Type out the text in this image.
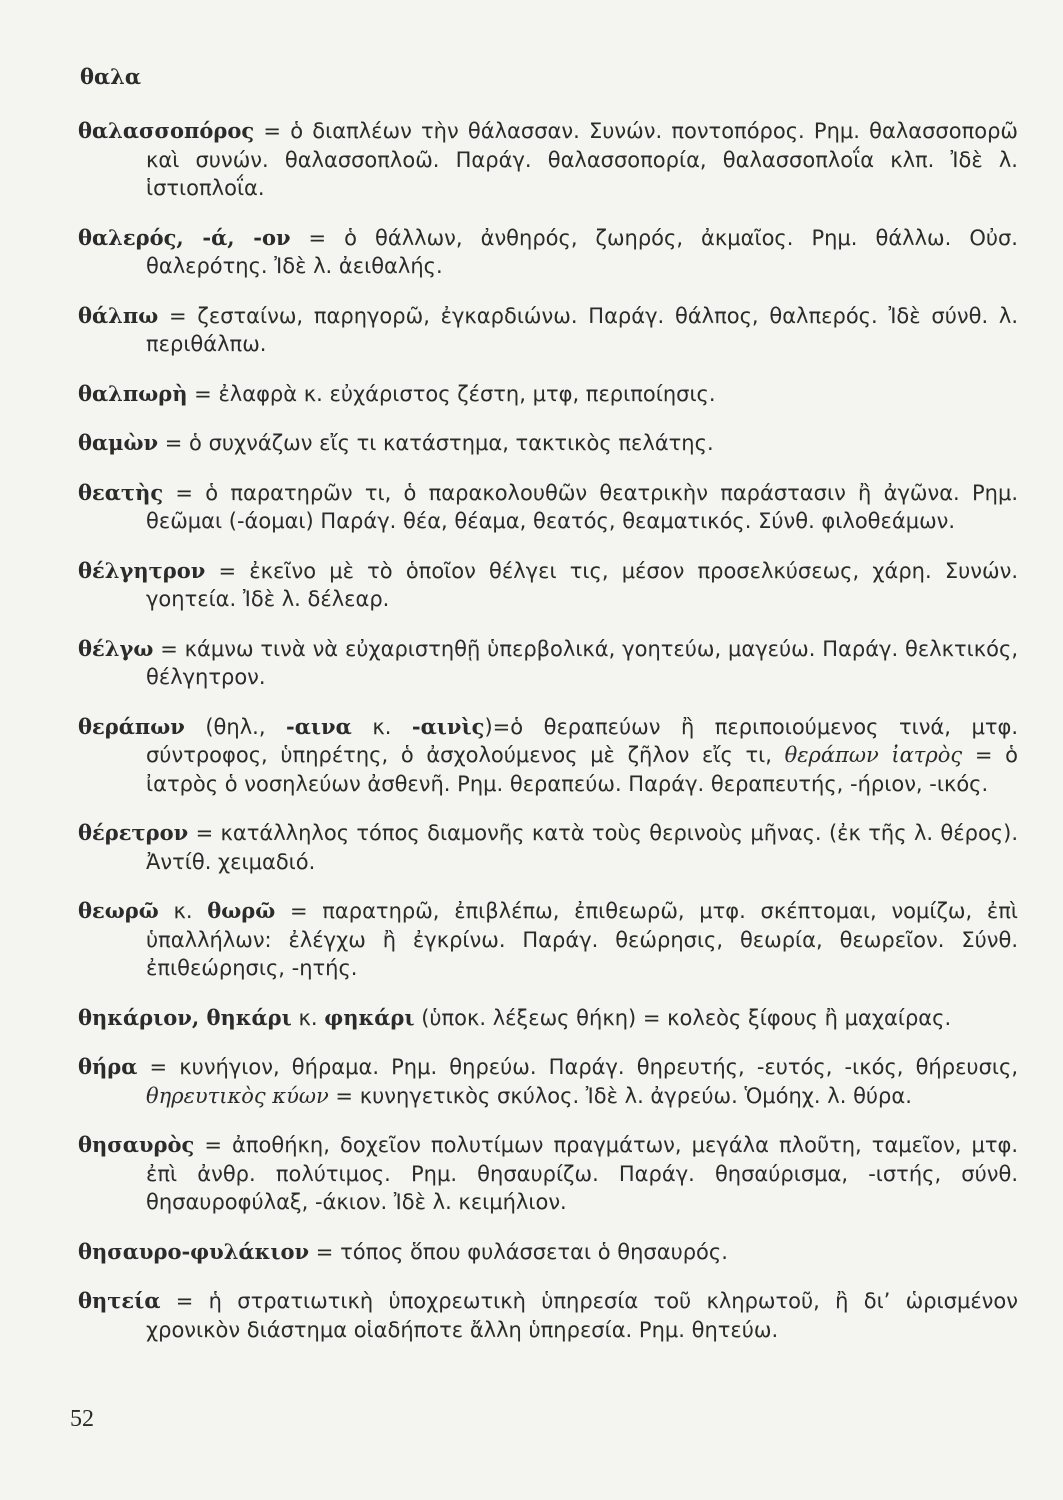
θαλα

θαλασσοπόρος = ὁ διαπλέων τὴν θάλασσαν. Συνών. ποντοπόρος. Ρημ. θαλασσοπορῶ καὶ συνών. θαλασσοπλοῶ. Παράγ. θαλασσοπορία, θαλασσοπλοΐα κλπ. Ἰδὲ λ. ἱστιοπλοΐα.

θαλερός, -ά, -ον = ὁ θάλλων, ἀνθηρός, ζωηρός, ἀκμαῖος. Ρημ. θάλλω. Οὐσ. θαλερότης. Ἰδὲ λ. ἀειθαλής.

θάλπω = ζεσταίνω, παρηγορῶ, ἐγκαρδιώνω. Παράγ. θάλπος, θαλπερός. Ἰδὲ σύνθ. λ. περιθάλπω.

θαλπωρὴ = ἐλαφρὰ κ. εὐχάριστος ζέστη, μτφ, περιποίησις.

θαμὼν = ὁ συχνάζων εἴς τι κατάστημα, τακτικὸς πελάτης.

θεατὴς = ὁ παρατηρῶν τι, ὁ παρακολουθῶν θεατρικὴν παράστασιν ἢ ἀγῶνα. Ρημ. θεῶμαι (-άομαι) Παράγ. θέα, θέαμα, θεατός, θεαματικός. Σύνθ. φιλοθεάμων.

θέλγητρον = ἐκεῖνο μὲ τὸ ὁποῖον θέλγει τις, μέσον προσελκύσεως, χάρη. Συνών. γοητεία. Ἰδὲ λ. δέλεαρ.

θέλγω = κάμνω τινὰ νὰ εὐχαριστηθῇ ὑπερβολικά, γοητεύω, μαγεύω. Παράγ. θελκτικός, θέλγητρον.

θεράπων (θηλ., -αινα κ. -αινὶς)=ὁ θεραπεύων ἢ περιποιούμενος τινά, μτφ. σύντροφος, ὑπηρέτης, ὁ ἀσχολούμενος μὲ ζῆλον εἴς τι, θεράπων ἰατρὸς = ὁ ἰατρὸς ὁ νοσηλεύων ἀσθενῆ. Ρημ. θεραπεύω. Παράγ. θεραπευτής, -ήριον, -ικός.

θέρετρον = κατάλληλος τόπος διαμονῆς κατὰ τοὺς θερινοὺς μῆνας. (ἐκ τῆς λ. θέρος). Ἀντίθ. χειμαδιό.

θεωρῶ κ. θωρῶ = παρατηρῶ, ἐπιβλέπω, ἐπιθεωρῶ, μτφ. σκέπτομαι, νομίζω, ἐπὶ ὑπαλλήλων: ἐλέγχω ἢ ἐγκρίνω. Παράγ. θεώρησις, θεωρία, θεωρεῖον. Σύνθ. ἐπιθεώρησις, -ητής.

θηκάριον, θηκάρι κ. φηκάρι (ὑποκ. λέξεως θήκη) = κολεὸς ξίφους ἢ μαχαίρας.

θήρα = κυνήγιον, θήραμα. Ρημ. θηρεύω. Παράγ. θηρευτής, -ευτός, -ικός, θήρευσις, θηρευτικὸς κύων = κυνηγετικὸς σκύλος. Ἰδὲ λ. ἀγρεύω. Ὁμόηχ. λ. θύρα.

θησαυρὸς = ἀποθήκη, δοχεῖον πολυτίμων πραγμάτων, μεγάλα πλοῦτη, ταμεῖον, μτφ. ἐπὶ ἀνθρ. πολύτιμος. Ρημ. θησαυρίζω. Παράγ. θησαύρισμα, -ιστής, σύνθ. θησαυροφύλαξ, -άκιον. Ἰδὲ λ. κειμήλιον.

θησαυρο-φυλάκιον = τόπος ὅπου φυλάσσεται ὁ θησαυρός.

θητεία = ἡ στρατιωτικὴ ὑποχρεωτικὴ ὑπηρεσία τοῦ κληρωτοῦ, ἢ δι’ ὡρισμένον χρονικὸν διάστημα οἱαδήποτε ἄλλη ὑπηρεσία. Ρημ. θητεύω.

52
